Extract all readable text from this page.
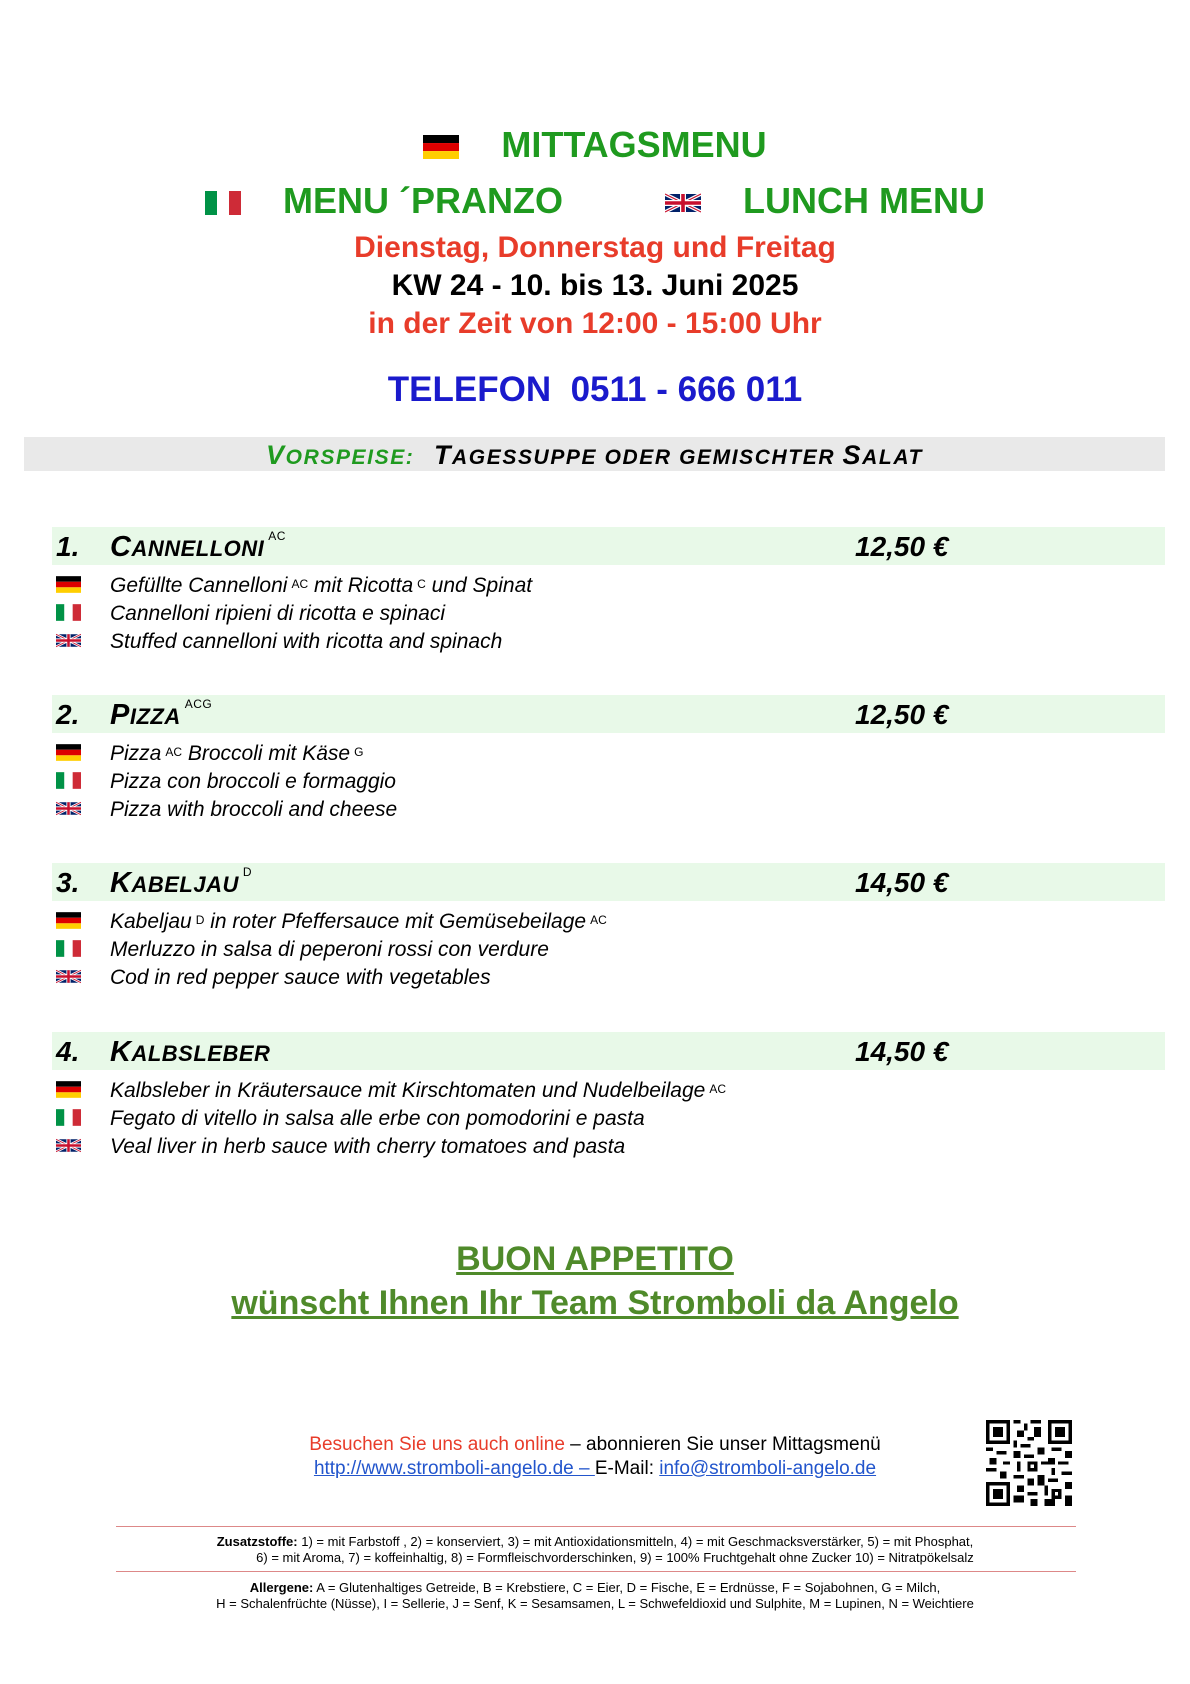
MITTAGSMENU
MENU ´PRANZO	LUNCH MENU
Dienstag, Donnerstag und Freitag
KW 24 - 10. bis 13. Juni 2025
in der Zeit von 12:00 - 15:00 Uhr
TELEFON  0511 - 666 011
VORSPEISE: TAGESSUPPE ODER GEMISCHTER SALAT
1. CANNELLONI $^{AC}$	12,50 €
Gefüllte Cannelloni $^{AC}$ mit Ricotta $^C$ und Spinat
Cannelloni ripieni di ricotta e spinaci
Stuffed cannelloni with ricotta and spinach
2. PIZZA $^{ACG}$	12,50 €
Pizza $^{AC}$ Broccoli mit Käse $^G$
Pizza con broccoli e formaggio
Pizza with broccoli and cheese
3. KABELJAU $^D$	14,50 €
Kabeljau $^D$ in roter Pfeffersauce mit Gemüsebeilage $^{AC}$
Merluzzo in salsa di peperoni rossi con verdure
Cod in red pepper sauce with vegetables
4. KALBSLEBER	14,50 €
Kalbsleber in Kräutersauce mit Kirschtomaten und Nudelbeilage $^{AC}$
Fegato di vitello in salsa alle erbe con pomodorini e pasta
Veal liver in herb sauce with cherry tomatoes and pasta
BUON APPETITO
wünscht Ihnen Ihr Team Stromboli da Angelo
Besuchen Sie uns auch online – abonnieren Sie unser Mittagsmenü
http://www.stromboli-angelo.de – E-Mail: info@stromboli-angelo.de
Zusatzstoffe: 1) = mit Farbstoff , 2) = konserviert, 3) = mit Antioxidationsmitteln, 4) = mit Geschmacksverstärker, 5) = mit Phosphat,
6) = mit Aroma, 7) = koffeinhaltig, 8) = Formfleischvorderschinken, 9) = 100% Fruchtgehalt ohne Zucker 10) = Nitratpökelsalz
Allergene: A = Glutenhaltiges Getreide, B = Krebstiere, C = Eier, D = Fische, E = Erdnüsse, F = Sojabohnen, G = Milch,
H = Schalenfrüchte (Nüsse), I = Sellerie, J = Senf, K = Sesamsamen, L = Schwefeldioxid und Sulphite, M = Lupinen, N = Weichtiere
